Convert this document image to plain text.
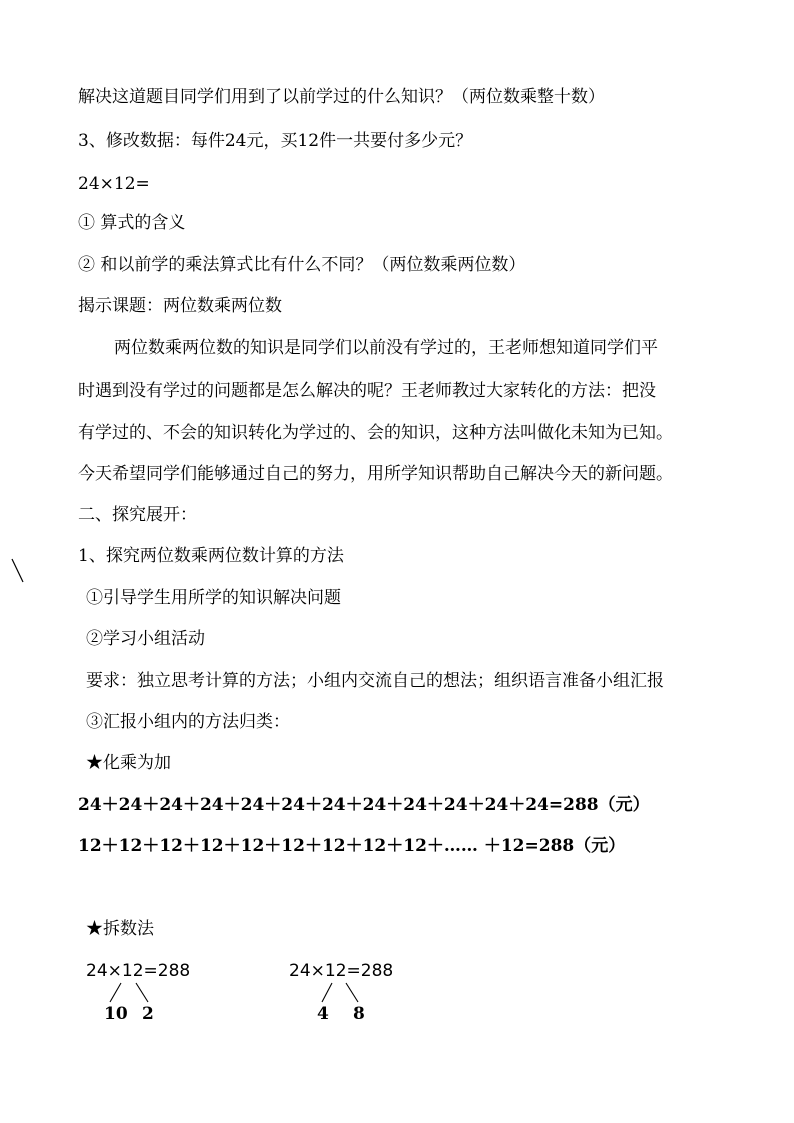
解决这道题目同学们用到了以前学过的什么知识？（两位数乘整十数）
3、修改数据：每件24元，买12件一共要付多少元？
24×12=
① 算式的含义
② 和以前学的乘法算式比有什么不同？（两位数乘两位数）
揭示课题：两位数乘两位数
两位数乘两位数的知识是同学们以前没有学过的，王老师想知道同学们平
时遇到没有学过的问题都是怎么解决的呢？王老师教过大家转化的方法：把没
有学过的、不会的知识转化为学过的、会的知识，这种方法叫做化未知为已知。
今天希望同学们能够通过自己的努力，用所学知识帮助自己解决今天的新问题。
二、探究展开：
1、探究两位数乘两位数计算的方法
①引导学生用所学的知识解决问题
②学习小组活动
要求：独立思考计算的方法；小组内交流自己的想法；组织语言准备小组汇报
③汇报小组内的方法归类：
★化乘为加
24＋24＋24＋24＋24＋24＋24＋24＋24＋24＋24＋24=288（元）
12＋12＋12＋12＋12＋12＋12＋12＋12＋…… ＋12=288（元）
★拆数法
24×12=288
10 2
24×12=288
4 8
